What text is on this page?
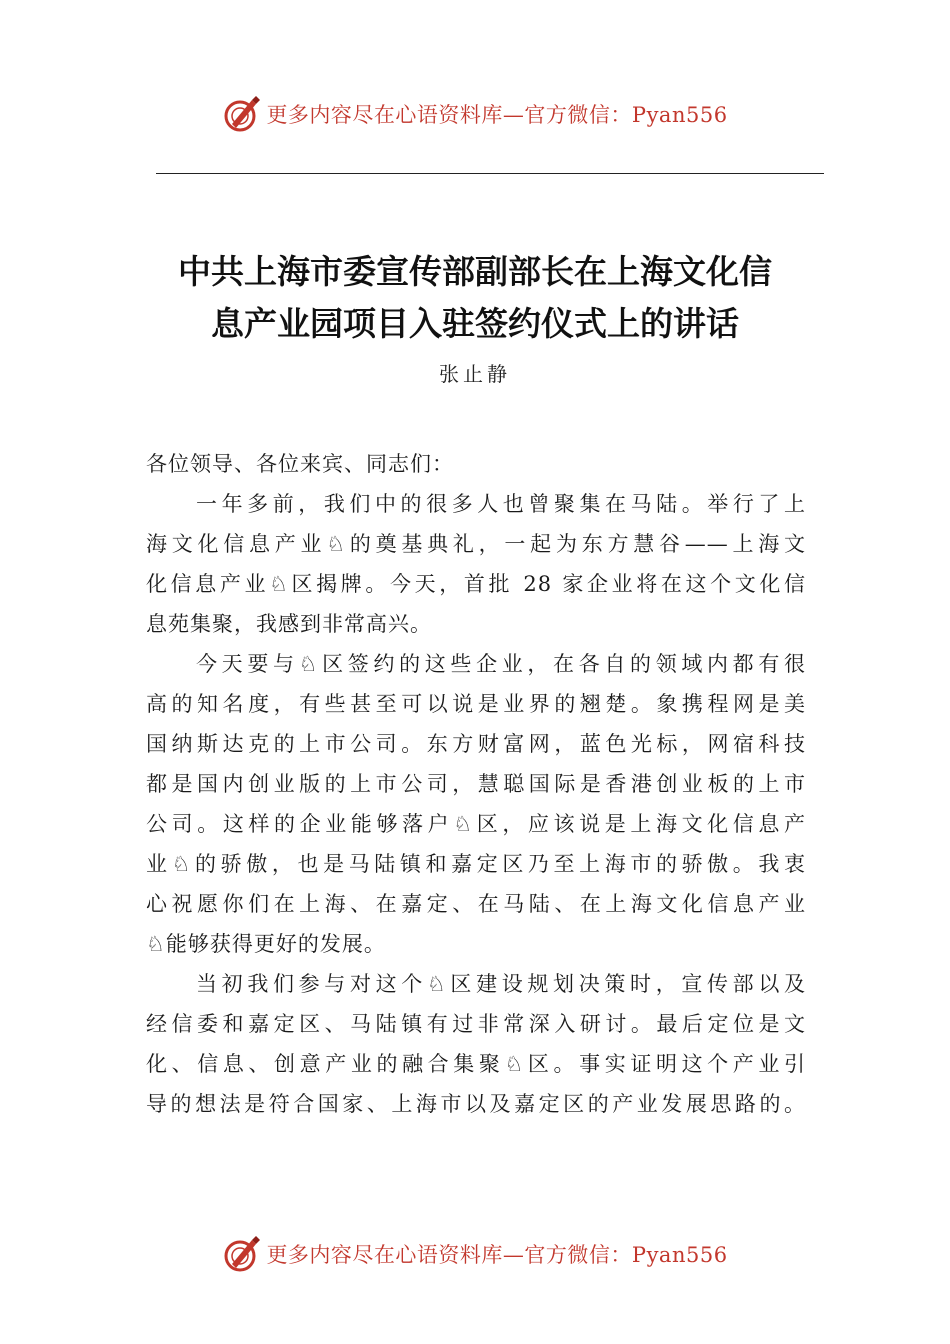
更多内容尽在心语资料库—官方微信：Pyan556
中共上海市委宣传部副部长在上海文化信
息产业园项目入驻签约仪式上的讲话
张止静
各位领导、各位来宾、同志们：
一年多前，我们中的很多人也曾聚集在马陆。举行了上
海文化信息产业♘的奠基典礼，一起为东方慧谷——上海文
化信息产业♘区揭牌。今天，首批 28 家企业将在这个文化信
息苑集聚，我感到非常高兴。
今天要与♘区签约的这些企业，在各自的领域内都有很
高的知名度，有些甚至可以说是业界的翘楚。象携程网是美
国纳斯达克的上市公司。东方财富网，蓝色光标，网宿科技
都是国内创业版的上市公司，慧聪国际是香港创业板的上市
公司。这样的企业能够落户♘区，应该说是上海文化信息产
业♘的骄傲，也是马陆镇和嘉定区乃至上海市的骄傲。我衷
心祝愿你们在上海、在嘉定、在马陆、在上海文化信息产业
♘能够获得更好的发展。
当初我们参与对这个♘区建设规划决策时，宣传部以及
经信委和嘉定区、马陆镇有过非常深入研讨。最后定位是文
化、信息、创意产业的融合集聚♘区。事实证明这个产业引
导的想法是符合国家、上海市以及嘉定区的产业发展思路的。
更多内容尽在心语资料库—官方微信：Pyan556
